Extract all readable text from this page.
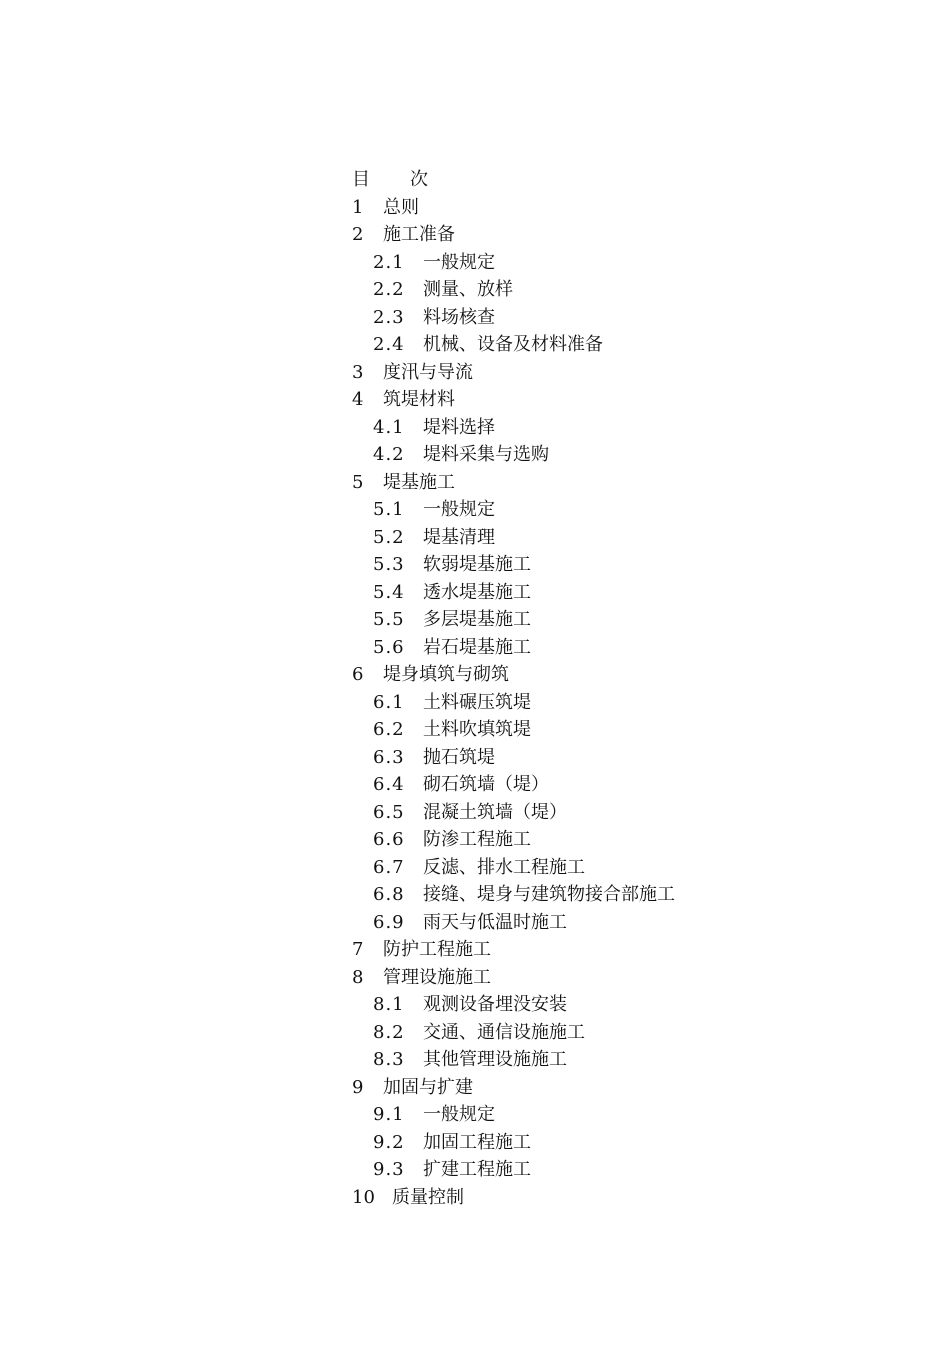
目 次
1	总则
2	施工准备
2.1	一般规定
2.2	测量、放样
2.3	料场核查
2.4	机械、设备及材料准备
3	度汛与导流
4	筑堤材料
4.1	堤料选择
4.2	堤料采集与选购
5	堤基施工
5.1	一般规定
5.2	堤基清理
5.3	软弱堤基施工
5.4	透水堤基施工
5.5	多层堤基施工
5.6	岩石堤基施工
6	堤身填筑与砌筑
6.1	土料碾压筑堤
6.2	土料吹填筑堤
6.3	抛石筑堤
6.4	砌石筑墙（堤）
6.5	混凝土筑墙（堤）
6.6	防渗工程施工
6.7	反滤、排水工程施工
6.8	接缝、堤身与建筑物接合部施工
6.9	雨天与低温时施工
7	防护工程施工
8	管理设施施工
8.1	观测设备埋没安装
8.2	交通、通信设施施工
8.3	其他管理设施施工
9	加固与扩建
9.1	一般规定
9.2	加固工程施工
9.3	扩建工程施工
10 质量控制
